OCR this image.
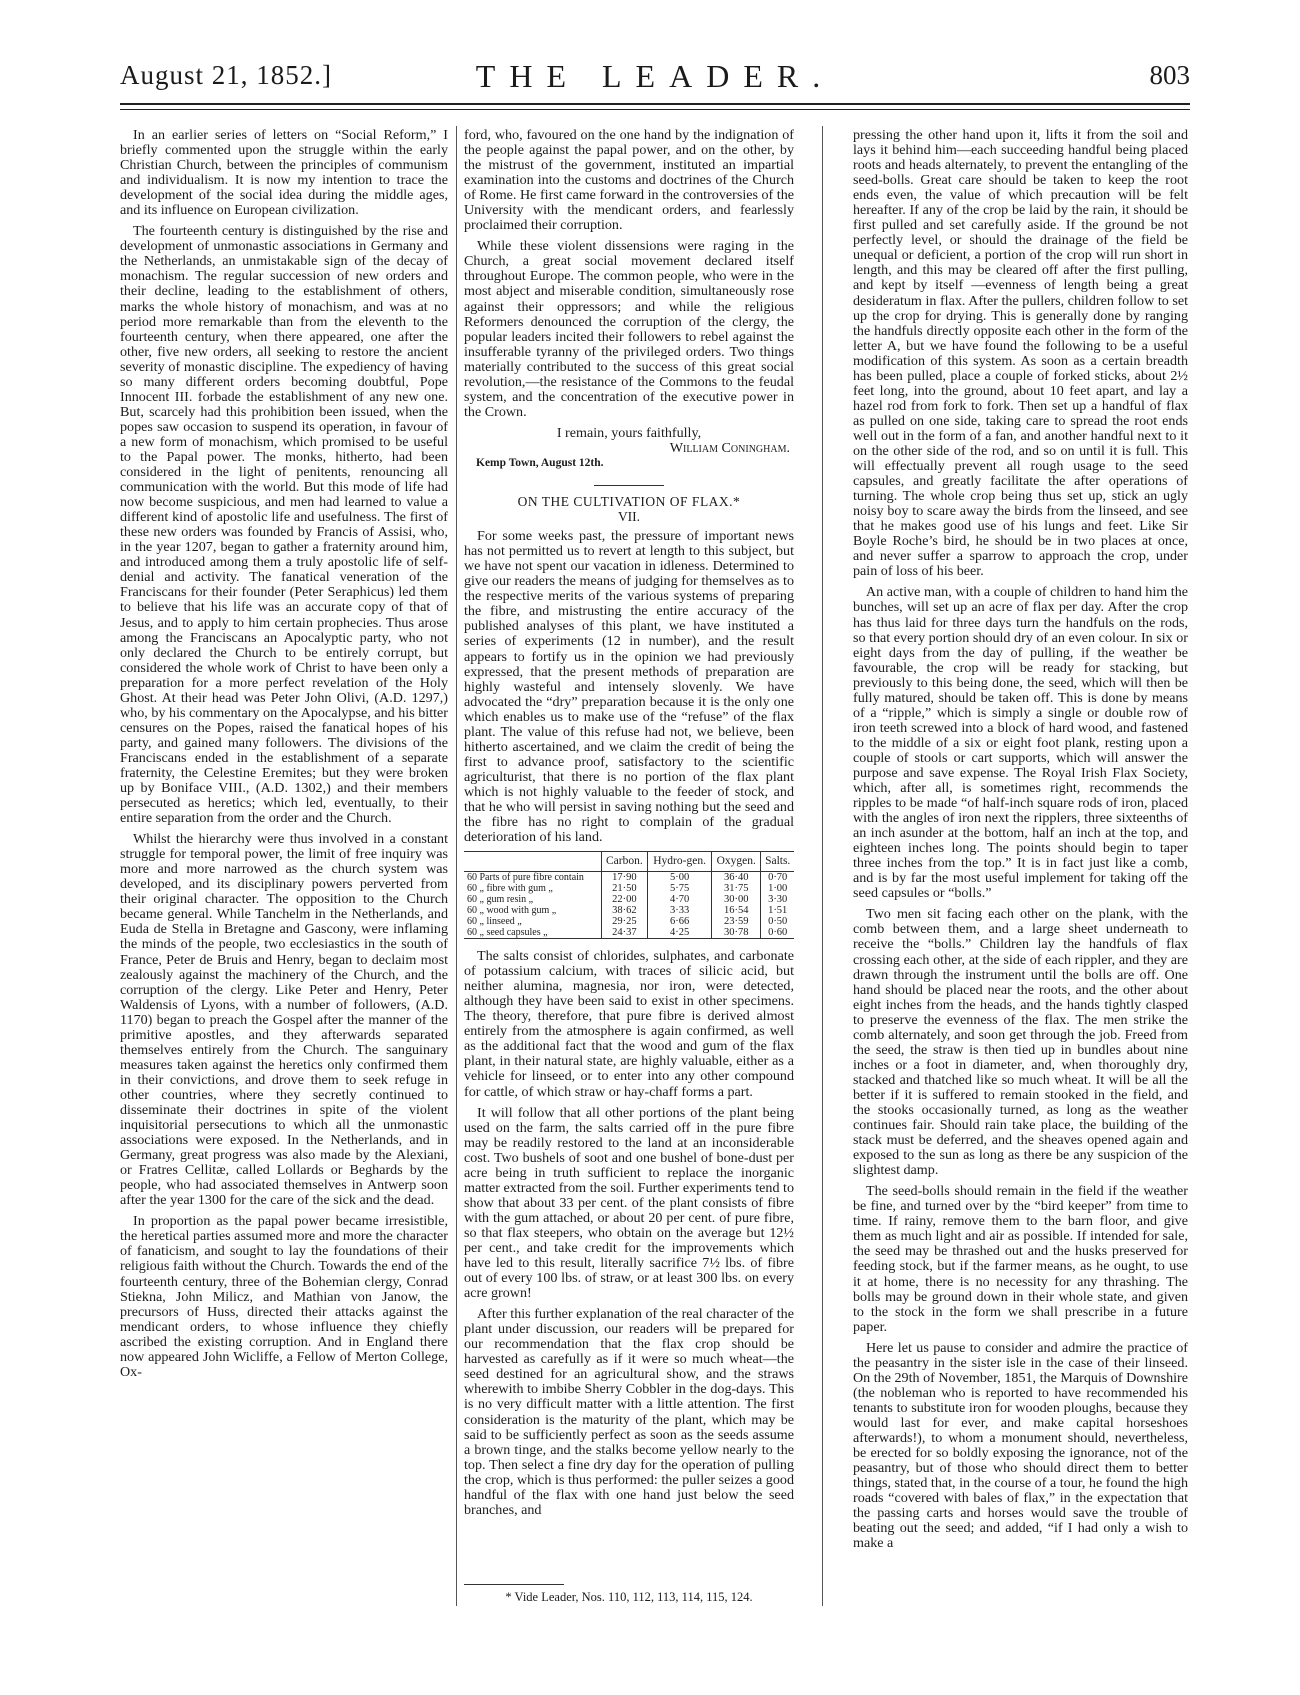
August 21, 1852.]	THE LEADER.	803

In an earlier series of letters on “Social Reform,” I briefly commented upon the struggle within the early Christian Church, between the principles of communism and individualism. It is now my intention to trace the development of the social idea during the middle ages, and its influence on European civilization.

The fourteenth century is distinguished by the rise and development of unmonastic associations in Germany and the Netherlands, an unmistakable sign of the decay of monachism. The regular succession of new orders and their decline, leading to the establishment of others, marks the whole history of monachism, and was at no period more remarkable than from the eleventh to the fourteenth century, when there appeared, one after the other, five new orders, all seeking to restore the ancient severity of monastic discipline. The expediency of having so many different orders becoming doubtful, Pope Innocent III. forbade the establishment of any new one. But, scarcely had this prohibition been issued, when the popes saw occasion to suspend its operation, in favour of a new form of monachism, which promised to be useful to the Papal power. The monks, hitherto, had been considered in the light of penitents, renouncing all communication with the world. But this mode of life had now become suspicious, and men had learned to value a different kind of apostolic life and usefulness. The first of these new orders was founded by Francis of Assisi, who, in the year 1207, began to gather a fraternity around him, and introduced among them a truly apostolic life of self-denial and activity. The fanatical veneration of the Franciscans for their founder (Peter Seraphicus) led them to believe that his life was an accurate copy of that of Jesus, and to apply to him certain prophecies. Thus arose among the Franciscans an Apocalyptic party, who not only declared the Church to be entirely corrupt, but considered the whole work of Christ to have been only a preparation for a more perfect revelation of the Holy Ghost. At their head was Peter John Olivi, (A.D. 1297,) who, by his commentary on the Apocalypse, and his bitter censures on the Popes, raised the fanatical hopes of his party, and gained many followers. The divisions of the Franciscans ended in the establishment of a separate fraternity, the Celestine Eremites; but they were broken up by Boniface VIII., (A.D. 1302,) and their members persecuted as heretics; which led, eventually, to their entire separation from the order and the Church.

Whilst the hierarchy were thus involved in a constant struggle for temporal power, the limit of free inquiry was more and more narrowed as the church system was developed, and its disciplinary powers perverted from their original character. The opposition to the Church became general. While Tanchelm in the Netherlands, and Euda de Stella in Bretagne and Gascony, were inflaming the minds of the people, two ecclesiastics in the south of France, Peter de Bruis and Henry, began to declaim most zealously against the machinery of the Church, and the corruption of the clergy. Like Peter and Henry, Peter Waldensis of Lyons, with a number of followers, (A.D. 1170) began to preach the Gospel after the manner of the primitive apostles, and they afterwards separated themselves entirely from the Church. The sanguinary measures taken against the heretics only confirmed them in their convictions, and drove them to seek refuge in other countries, where they secretly continued to disseminate their doctrines in spite of the violent inquisitorial persecutions to which all the unmonastic associations were exposed. In the Netherlands, and in Germany, great progress was also made by the Alexiani, or Fratres Cellitæ, called Lollards or Beghards by the people, who had associated themselves in Antwerp soon after the year 1300 for the care of the sick and the dead.

In proportion as the papal power became irresistible, the heretical parties assumed more and more the character of fanaticism, and sought to lay the foundations of their religious faith without the Church. Towards the end of the fourteenth century, three of the Bohemian clergy, Conrad Stiekna, John Milicz, and Mathian von Janow, the precursors of Huss, directed their attacks against the mendicant orders, to whose influence they chiefly ascribed the existing corruption. And in England there now appeared John Wicliffe, a Fellow of Merton College, Ox-

ford, who, favoured on the one hand by the indignation of the people against the papal power, and on the other, by the mistrust of the government, instituted an impartial examination into the customs and doctrines of the Church of Rome. He first came forward in the controversies of the University with the mendicant orders, and fearlessly proclaimed their corruption.

While these violent dissensions were raging in the Church, a great social movement declared itself throughout Europe. The common people, who were in the most abject and miserable condition, simultaneously rose against their oppressors; and while the religious Reformers denounced the corruption of the clergy, the popular leaders incited their followers to rebel against the insufferable tyranny of the privileged orders. Two things materially contributed to the success of this great social revolution,—the resistance of the Commons to the feudal system, and the concentration of the executive power in the Crown.

I remain, yours faithfully,

William Coningham.

Kemp Town, August 12th.

ON THE CULTIVATION OF FLAX.*

VII.

For some weeks past, the pressure of important news has not permitted us to revert at length to this subject, but we have not spent our vacation in idleness. Determined to give our readers the means of judging for themselves as to the respective merits of the various systems of preparing the fibre, and mistrusting the entire accuracy of the published analyses of this plant, we have instituted a series of experiments (12 in number), and the result appears to fortify us in the opinion we had previously expressed, that the present methods of preparation are highly wasteful and intensely slovenly. We have advocated the “dry” preparation because it is the only one which enables us to make use of the “refuse” of the flax plant. The value of this refuse had not, we believe, been hitherto ascertained, and we claim the credit of being the first to advance proof, satisfactory to the scientific agriculturist, that there is no portion of the flax plant which is not highly valuable to the feeder of stock, and that he who will persist in saving nothing but the seed and the fibre has no right to complain of the gradual deterioration of his land.

	Carbon.	Hydro-gen.	Oxygen.	Salts.
60 Parts of pure fibre contain	17·90	5·00	36·40	0·70
60 „ fibre with gum „	21·50	5·75	31·75	1·00
60 „ gum resin „	22·00	4·70	30·00	3·30
60 „ wood with gum „	38·62	3·33	16·54	1·51
60 „ linseed „	29·25	6·66	23·59	0·50
60 „ seed capsules „	24·37	4·25	30·78	0·60

The salts consist of chlorides, sulphates, and carbonate of potassium calcium, with traces of silicic acid, but neither alumina, magnesia, nor iron, were detected, although they have been said to exist in other specimens. The theory, therefore, that pure fibre is derived almost entirely from the atmosphere is again confirmed, as well as the additional fact that the wood and gum of the flax plant, in their natural state, are highly valuable, either as a vehicle for linseed, or to enter into any other compound for cattle, of which straw or hay-chaff forms a part.

It will follow that all other portions of the plant being used on the farm, the salts carried off in the pure fibre may be readily restored to the land at an inconsiderable cost. Two bushels of soot and one bushel of bone-dust per acre being in truth sufficient to replace the inorganic matter extracted from the soil. Further experiments tend to show that about 33 per cent. of the plant consists of fibre with the gum attached, or about 20 per cent. of pure fibre, so that flax steepers, who obtain on the average but 12½ per cent., and take credit for the improvements which have led to this result, literally sacrifice 7½ lbs. of fibre out of every 100 lbs. of straw, or at least 300 lbs. on every acre grown!

After this further explanation of the real character of the plant under discussion, our readers will be prepared for our recommendation that the flax crop should be harvested as carefully as if it were so much wheat—the seed destined for an agricultural show, and the straws wherewith to imbibe Sherry Cobbler in the dog-days. This is no very difficult matter with a little attention. The first consideration is the maturity of the plant, which may be said to be sufficiently perfect as soon as the seeds assume a brown tinge, and the stalks become yellow nearly to the top. Then select a fine dry day for the operation of pulling the crop, which is thus performed: the puller seizes a good handful of the flax with one hand just below the seed branches, and

* Vide Leader, Nos. 110, 112, 113, 114, 115, 124.

pressing the other hand upon it, lifts it from the soil and lays it behind him—each succeeding handful being placed roots and heads alternately, to prevent the entangling of the seed-bolls. Great care should be taken to keep the root ends even, the value of which precaution will be felt hereafter. If any of the crop be laid by the rain, it should be first pulled and set carefully aside. If the ground be not perfectly level, or should the drainage of the field be unequal or deficient, a portion of the crop will run short in length, and this may be cleared off after the first pulling, and kept by itself —evenness of length being a great desideratum in flax. After the pullers, children follow to set up the crop for drying. This is generally done by ranging the handfuls directly opposite each other in the form of the letter A, but we have found the following to be a useful modification of this system. As soon as a certain breadth has been pulled, place a couple of forked sticks, about 2½ feet long, into the ground, about 10 feet apart, and lay a hazel rod from fork to fork. Then set up a handful of flax as pulled on one side, taking care to spread the root ends well out in the form of a fan, and another handful next to it on the other side of the rod, and so on until it is full. This will effectually prevent all rough usage to the seed capsules, and greatly facilitate the after operations of turning. The whole crop being thus set up, stick an ugly noisy boy to scare away the birds from the linseed, and see that he makes good use of his lungs and feet. Like Sir Boyle Roche’s bird, he should be in two places at once, and never suffer a sparrow to approach the crop, under pain of loss of his beer.

An active man, with a couple of children to hand him the bunches, will set up an acre of flax per day. After the crop has thus laid for three days turn the handfuls on the rods, so that every portion should dry of an even colour. In six or eight days from the day of pulling, if the weather be favourable, the crop will be ready for stacking, but previously to this being done, the seed, which will then be fully matured, should be taken off. This is done by means of a “ripple,” which is simply a single or double row of iron teeth screwed into a block of hard wood, and fastened to the middle of a six or eight foot plank, resting upon a couple of stools or cart supports, which will answer the purpose and save expense. The Royal Irish Flax Society, which, after all, is sometimes right, recommends the ripples to be made “of half-inch square rods of iron, placed with the angles of iron next the ripplers, three sixteenths of an inch asunder at the bottom, half an inch at the top, and eighteen inches long. The points should begin to taper three inches from the top.” It is in fact just like a comb, and is by far the most useful implement for taking off the seed capsules or “bolls.”

Two men sit facing each other on the plank, with the comb between them, and a large sheet underneath to receive the “bolls.” Children lay the handfuls of flax crossing each other, at the side of each rippler, and they are drawn through the instrument until the bolls are off. One hand should be placed near the roots, and the other about eight inches from the heads, and the hands tightly clasped to preserve the evenness of the flax. The men strike the comb alternately, and soon get through the job. Freed from the seed, the straw is then tied up in bundles about nine inches or a foot in diameter, and, when thoroughly dry, stacked and thatched like so much wheat. It will be all the better if it is suffered to remain stooked in the field, and the stooks occasionally turned, as long as the weather continues fair. Should rain take place, the building of the stack must be deferred, and the sheaves opened again and exposed to the sun as long as there be any suspicion of the slightest damp.

The seed-bolls should remain in the field if the weather be fine, and turned over by the “bird keeper” from time to time. If rainy, remove them to the barn floor, and give them as much light and air as possible. If intended for sale, the seed may be thrashed out and the husks preserved for feeding stock, but if the farmer means, as he ought, to use it at home, there is no necessity for any thrashing. The bolls may be ground down in their whole state, and given to the stock in the form we shall prescribe in a future paper.

Here let us pause to consider and admire the practice of the peasantry in the sister isle in the case of their linseed. On the 29th of November, 1851, the Marquis of Downshire (the nobleman who is reported to have recommended his tenants to substitute iron for wooden ploughs, because they would last for ever, and make capital horseshoes afterwards!), to whom a monument should, nevertheless, be erected for so boldly exposing the ignorance, not of the peasantry, but of those who should direct them to better things, stated that, in the course of a tour, he found the high roads “covered with bales of flax,” in the expectation that the passing carts and horses would save the trouble of beating out the seed; and added, “if I had only a wish to make a
